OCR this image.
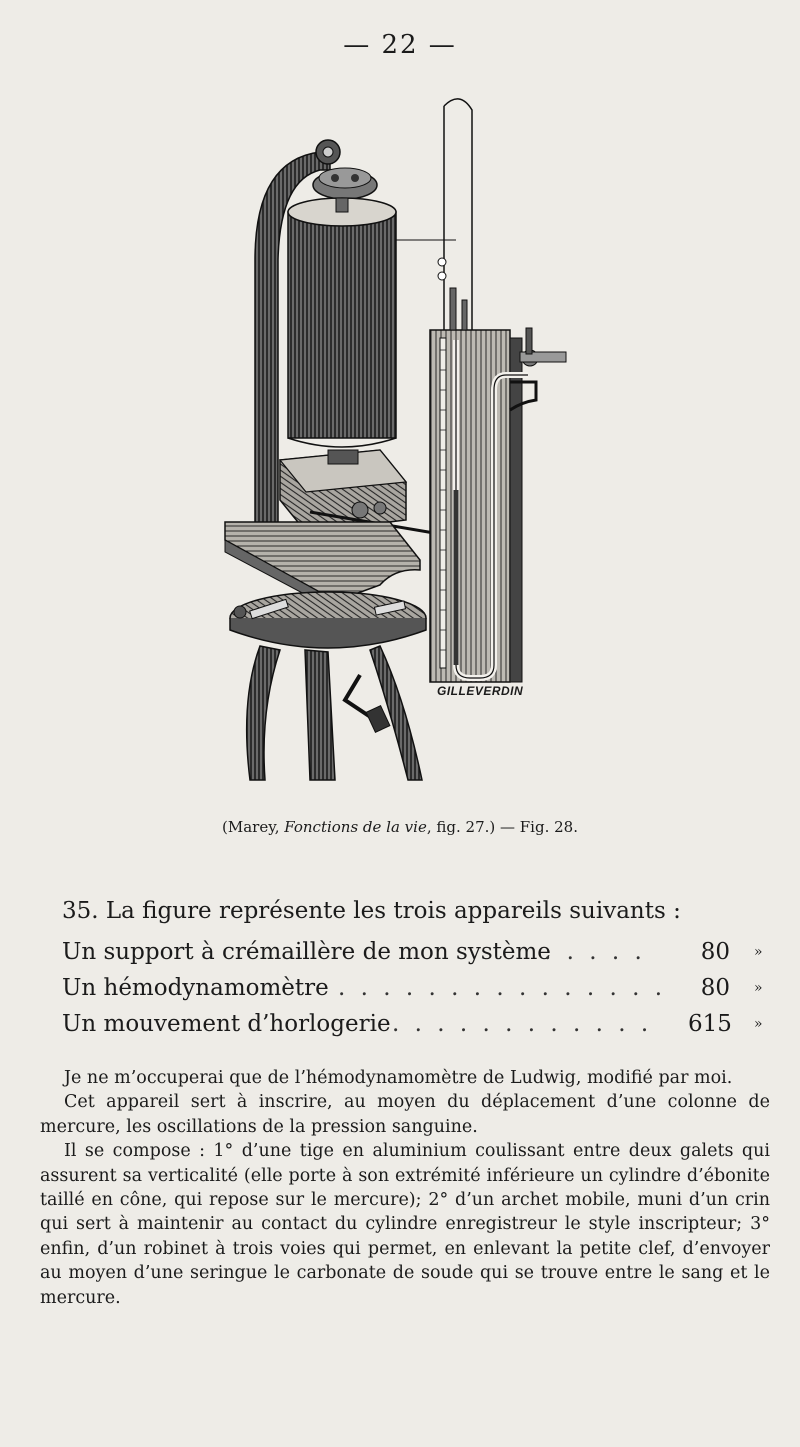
— 22 —
GILLEVERDIN
(Marey, Fonctions de la vie, fig. 27.) — Fig. 28.
35. La figure représente les trois appareils suivants :
Un support à crémaillère de mon système
. . . . .	80 »
Un hémodynamomètre . . . . . . . . . . . . . . .	80 »
Un mouvement d’horlogerie . . . . . . . . . . . . 615 »

Je ne m’occuperai que de l’hémodynamomètre de Ludwig, modifié par moi.

Cet appareil sert à inscrire, au moyen du déplacement d’une colonne de mercure, les oscillations de la pression sanguine.

Il se compose : 1° d’une tige en aluminium coulissant entre deux galets qui assurent sa verticalité (elle porte à son extrémité inférieure un cylindre d’ébonite taillé en cône, qui repose sur le mercure); 2° d’un archet mobile, muni d’un crin qui sert à maintenir au contact du cylindre enregistreur le style inscripteur; 3° enfin, d’un robinet à trois voies qui permet, en enlevant la petite clef, d’envoyer au moyen d’une seringue le carbonate de soude qui se trouve entre le sang et le mercure.
